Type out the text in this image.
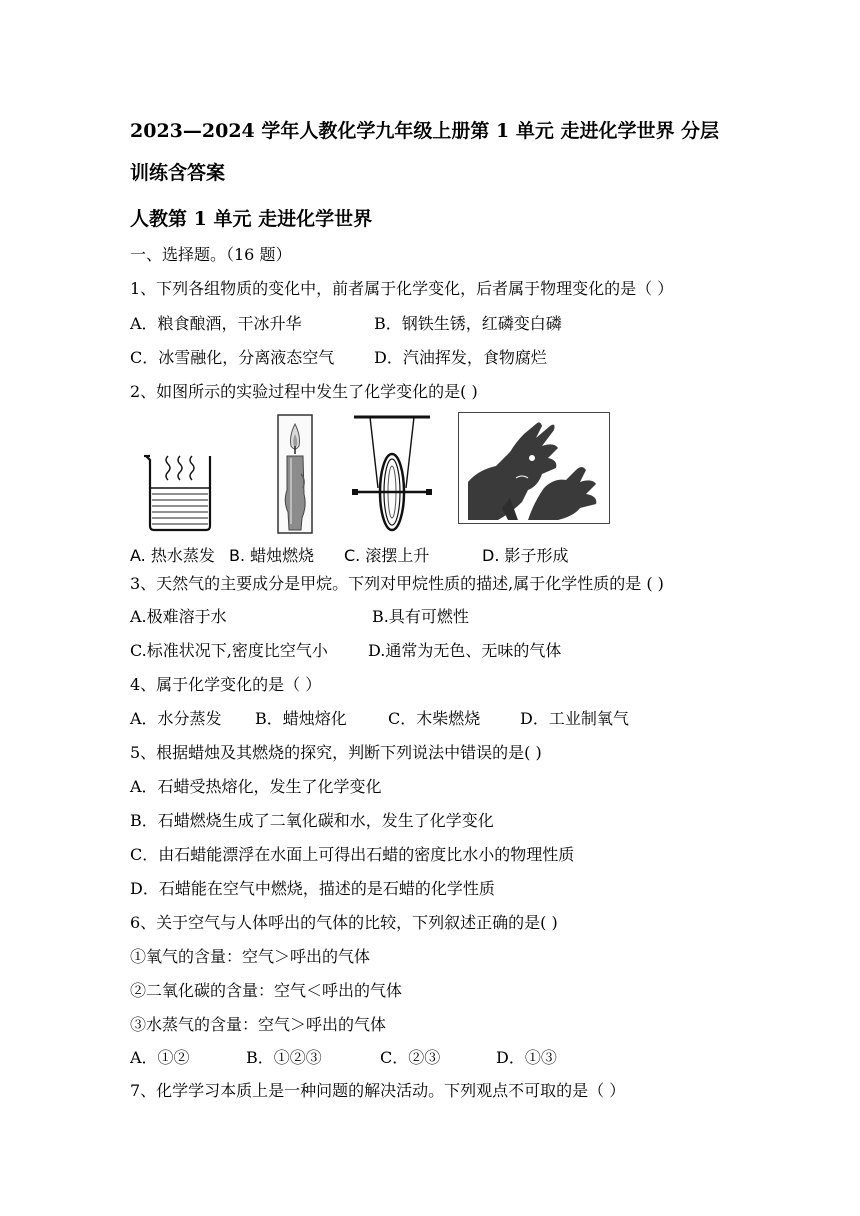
2023—2024 学年人教化学九年级上册第 1 单元 走进化学世界 分层
训练含答案
人教第 1 单元 走进化学世界
一、选择题。（16 题）
1、下列各组物质的变化中，前者属于化学变化，后者属于物理变化的是（ ）
A．粮食酿酒，干冰升华	B．钢铁生锈，红磷变白磷
C．冰雪融化，分离液态空气 D．汽油挥发，食物腐烂
2、如图所示的实验过程中发生了化学变化的是( )
A. 热水蒸发 B. 蜡烛燃烧 C. 滚摆上升	D. 影子形成
3、天然气的主要成分是甲烷。下列对甲烷性质的描述,属于化学性质的是 ( )
A.极难溶于水	B.具有可燃性
C.标准状况下,密度比空气小	D.通常为无色、无味的气体
4、属于化学变化的是（ ）
A．水分蒸发 B．蜡烛熔化	C．木柴燃烧 D．工业制氧气
5、根据蜡烛及其燃烧的探究，判断下列说法中错误的是( )
A．石蜡受热熔化，发生了化学变化
B．石蜡燃烧生成了二氧化碳和水，发生了化学变化
C．由石蜡能漂浮在水面上可得出石蜡的密度比水小的物理性质
D．石蜡能在空气中燃烧，描述的是石蜡的化学性质
6、关于空气与人体呼出的气体的比较，下列叙述正确的是( )
①氧气的含量：空气＞呼出的气体
②二氧化碳的含量：空气＜呼出的气体
③水蒸气的含量：空气＞呼出的气体
A．①②	B．①②③	C．②③	D．①③
7、化学学习本质上是一种问题的解决活动。下列观点不可取的是（ ）
